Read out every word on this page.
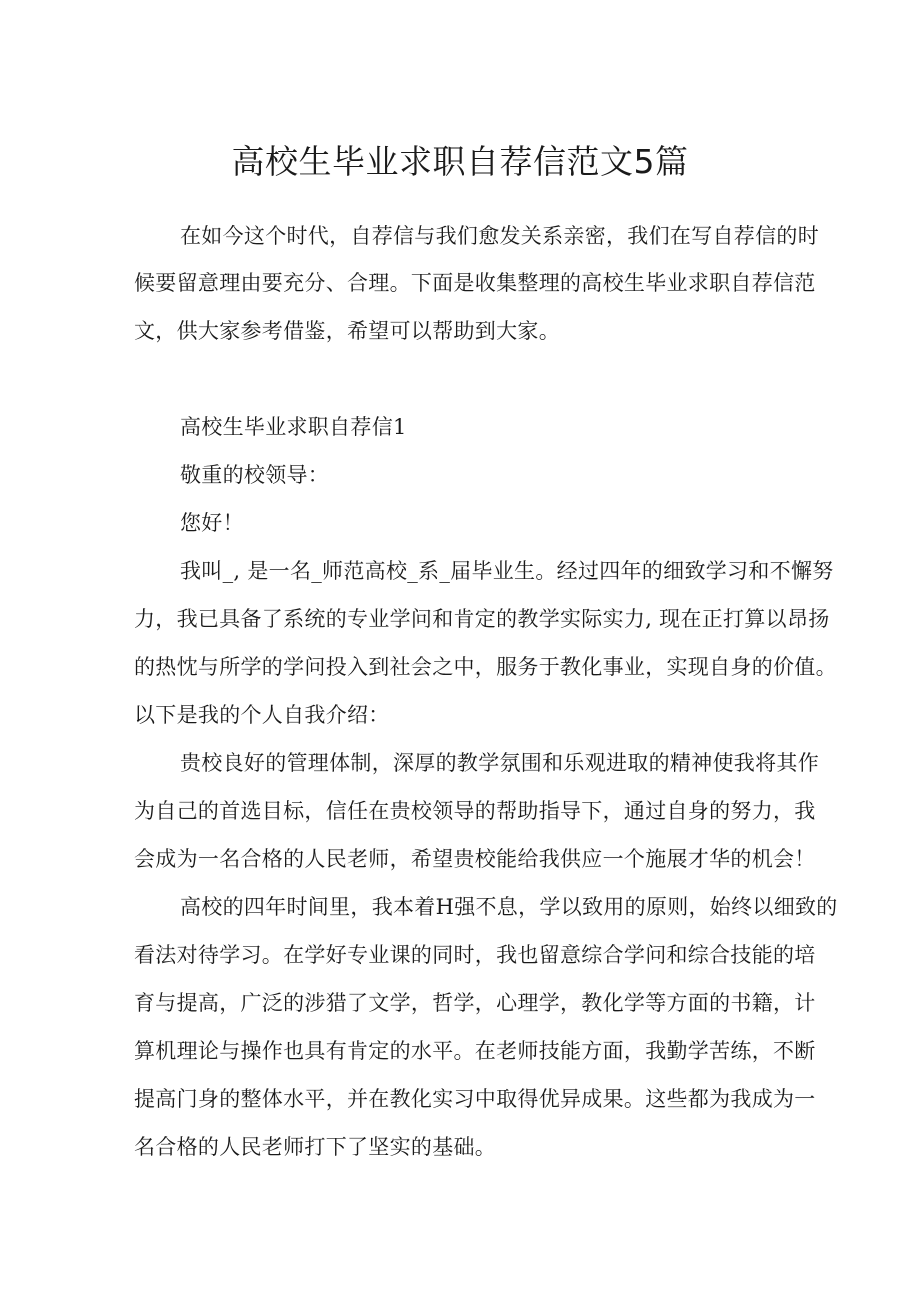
高校生毕业求职自荐信范文5篇
在如今这个时代，自荐信与我们愈发关系亲密，我们在写自荐信的时
候要留意理由要充分、合理。下面是收集整理的高校生毕业求职自荐信范
文，供大家参考借鉴，希望可以帮助到大家。
高校生毕业求职自荐信1
敬重的校领导：
您好！
我叫_, 是一名_师范高校_系_届毕业生。经过四年的细致学习和不懈努
力，我已具备了系统的专业学问和肯定的教学实际实力, 现在正打算以昂扬
的热忱与所学的学问投入到社会之中，服务于教化事业，实现自身的价值。
以下是我的个人自我介绍：
贵校良好的管理体制，深厚的教学氛围和乐观进取的精神使我将其作
为自己的首选目标，信任在贵校领导的帮助指导下，通过自身的努力，我
会成为一名合格的人民老师，希望贵校能给我供应一个施展才华的机会！
高校的四年时间里，我本着H强不息，学以致用的原则，始终以细致的
看法对待学习。在学好专业课的同时，我也留意综合学问和综合技能的培
育与提高，广泛的涉猎了文学，哲学，心理学，教化学等方面的书籍，计
算机理论与操作也具有肯定的水平。在老师技能方面，我勤学苦练，不断
提高门身的整体水平，并在教化实习中取得优异成果。这些都为我成为一
名合格的人民老师打下了坚实的基础。
